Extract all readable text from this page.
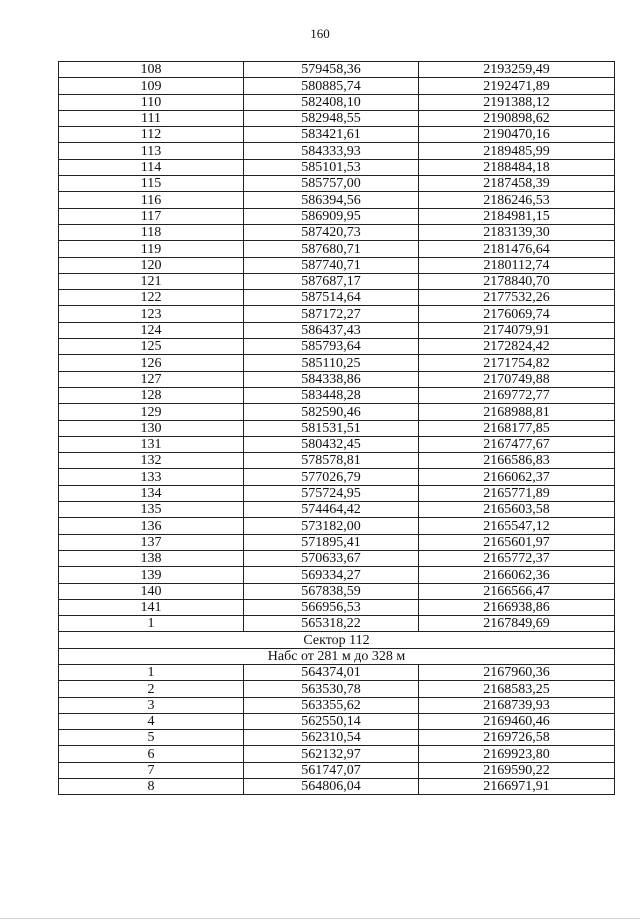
160
108	579458,36	2193259,49
109	580885,74	2192471,89
110	582408,10	2191388,12
111	582948,55	2190898,62
112	583421,61	2190470,16
113	584333,93	2189485,99
114	585101,53	2188484,18
115	585757,00	2187458,39
116	586394,56	2186246,53
117	586909,95	2184981,15
118	587420,73	2183139,30
119	587680,71	2181476,64
120	587740,71	2180112,74
121	587687,17	2178840,70
122	587514,64	2177532,26
123	587172,27	2176069,74
124	586437,43	2174079,91
125	585793,64	2172824,42
126	585110,25	2171754,82
127	584338,86	2170749,88
128	583448,28	2169772,77
129	582590,46	2168988,81
130	581531,51	2168177,85
131	580432,45	2167477,67
132	578578,81	2166586,83
133	577026,79	2166062,37
134	575724,95	2165771,89
135	574464,42	2165603,58
136	573182,00	2165547,12
137	571895,41	2165601,97
138	570633,67	2165772,37
139	569334,27	2166062,36
140	567838,59	2166566,47
141	566956,53	2166938,86
1	565318,22	2167849,69
Сектор 112		
Набс от 281 м до 328 м		
1	564374,01	2167960,36
2	563530,78	2168583,25
3	563355,62	2168739,93
4	562550,14	2169460,46
5	562310,54	2169726,58
6	562132,97	2169923,80
7	561747,07	2169590,22
8	564806,04	2166971,91
